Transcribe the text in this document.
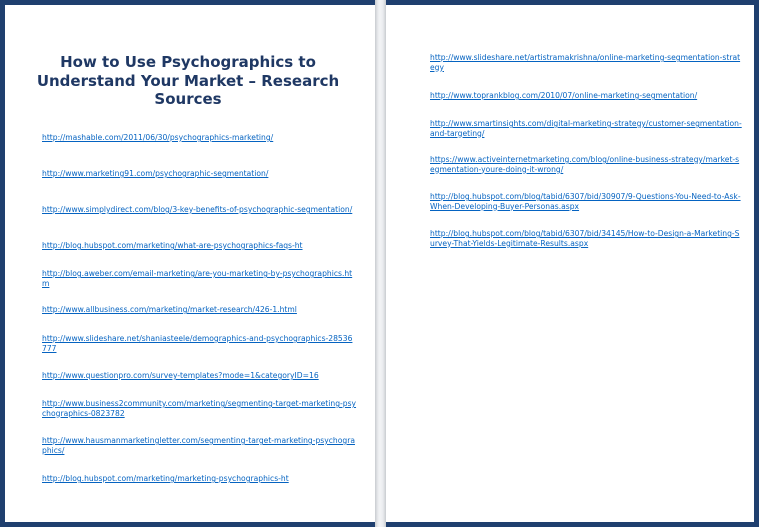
How to Use Psychographics to Understand Your Market – Research Sources
http://mashable.com/2011/06/30/psychographics-marketing/
http://www.marketing91.com/psychographic-segmentation/
http://www.simplydirect.com/blog/3-key-benefits-of-psychographic-segmentation/
http://blog.hubspot.com/marketing/what-are-psychographics-faqs-ht
http://blog.aweber.com/email-marketing/are-you-marketing-by-psychographics.htm
http://www.allbusiness.com/marketing/market-research/426-1.html
http://www.slideshare.net/shaniasteele/demographics-and-psychographics-28536777
http://www.questionpro.com/survey-templates?mode=1&categoryID=16
http://www.business2community.com/marketing/segmenting-target-marketing-psychographics-0823782
http://www.hausmanmarketingletter.com/segmenting-target-marketing-psychographics/
http://blog.hubspot.com/marketing/marketing-psychographics-ht
http://www.slideshare.net/artistramakrishna/online-marketing-segmentation-strategy
http://www.toprankblog.com/2010/07/online-marketing-segmentation/
http://www.smartinsights.com/digital-marketing-strategy/customer-segmentation-and-targeting/
https://www.activeinternetmarketing.com/blog/online-business-strategy/market-segmentation-youre-doing-it-wrong/
http://blog.hubspot.com/blog/tabid/6307/bid/30907/9-Questions-You-Need-to-Ask-When-Developing-Buyer-Personas.aspx
http://blog.hubspot.com/blog/tabid/6307/bid/34145/How-to-Design-a-Marketing-Survey-That-Yields-Legitimate-Results.aspx
